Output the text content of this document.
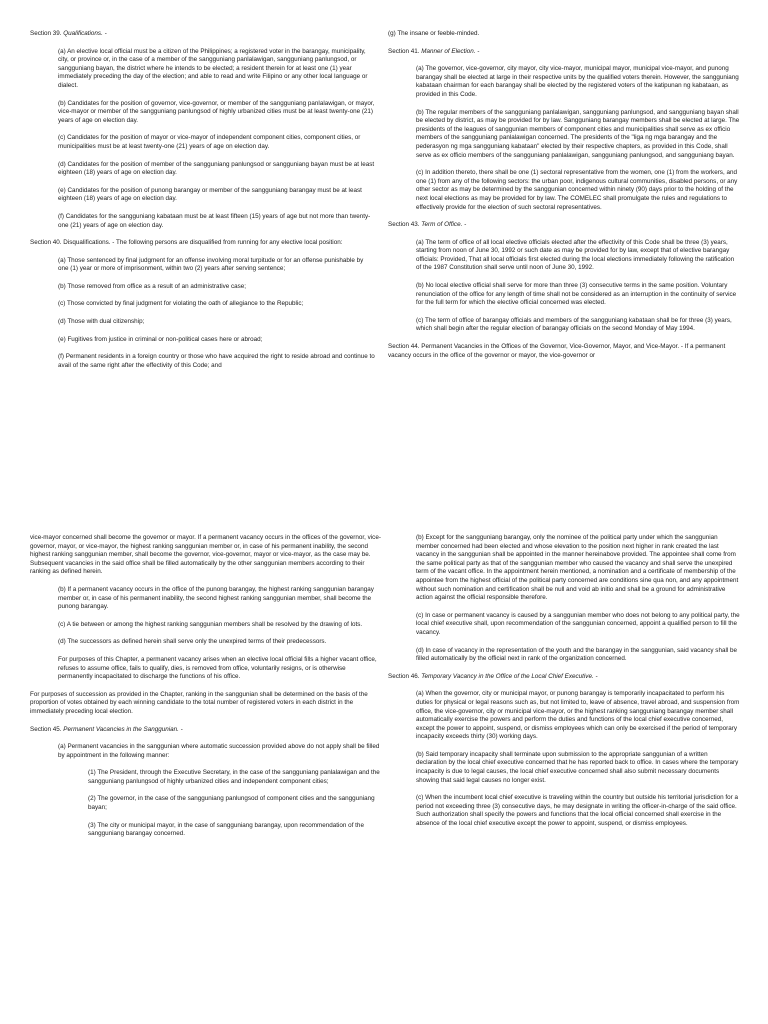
Section 39. Qualifications. -
(a) An elective local official must be a citizen of the Philippines; a registered voter in the barangay, municipality, city, or province or, in the case of a member of the sangguniang panlalawigan, sangguniang panlungsod, or sangguniang bayan, the district where he intends to be elected; a resident therein for at least one (1) year immediately preceding the day of the election; and able to read and write Filipino or any other local language or dialect.
(b) Candidates for the position of governor, vice-governor, or member of the sangguniang panlalawigan, or mayor, vice-mayor or member of the sangguniang panlungsod of highly urbanized cities must be at least twenty-one (21) years of age on election day.
(c) Candidates for the position of mayor or vice-mayor of independent component cities, component cities, or municipalities must be at least twenty-one (21) years of age on election day.
(d) Candidates for the position of member of the sangguniang panlungsod or sangguniang bayan must be at least eighteen (18) years of age on election day.
(e) Candidates for the position of punong barangay or member of the sangguniang barangay must be at least eighteen (18) years of age on election day.
(f) Candidates for the sangguniang kabataan must be at least fifteen (15) years of age but not more than twenty-one (21) years of age on election day.
Section 40. Disqualifications. - The following persons are disqualified from running for any elective local position:
(a) Those sentenced by final judgment for an offense involving moral turpitude or for an offense punishable by one (1) year or more of imprisonment, within two (2) years after serving sentence;
(b) Those removed from office as a result of an administrative case;
(c) Those convicted by final judgment for violating the oath of allegiance to the Republic;
(d) Those with dual citizenship;
(e) Fugitives from justice in criminal or non-political cases here or abroad;
(f) Permanent residents in a foreign country or those who have acquired the right to reside abroad and continue to avail of the same right after the effectivity of this Code; and
(g) The insane or feeble-minded.
Section 41. Manner of Election. -
(a) The governor, vice-governor, city mayor, city vice-mayor, municipal mayor, municipal vice-mayor, and punong barangay shall be elected at large in their respective units by the qualified voters therein. However, the sangguniang kabataan chairman for each barangay shall be elected by the registered voters of the katipunan ng kabataan, as provided in this Code.
(b) The regular members of the sangguniang panlalawigan, sangguniang panlungsod, and sangguniang bayan shall be elected by district, as may be provided for by law. Sangguniang barangay members shall be elected at large. The presidents of the leagues of sanggunian members of component cities and municipalities shall serve as ex officio members of the sangguniang panlalawigan concerned. The presidents of the "liga ng mga barangay and the pederasyon ng mga sangguniang kabataan" elected by their respective chapters, as provided in this Code, shall serve as ex officio members of the sangguniang panlalawigan, sangguniang panlungsod, and sangguniang bayan.
(c) In addition thereto, there shall be one (1) sectoral representative from the women, one (1) from the workers, and one (1) from any of the following sectors: the urban poor, indigenous cultural communities, disabled persons, or any other sector as may be determined by the sanggunian concerned within ninety (90) days prior to the holding of the next local elections as may be provided for by law. The COMELEC shall promulgate the rules and regulations to effectively provide for the election of such sectoral representatives.
Section 43. Term of Office. -
(a) The term of office of all local elective officials elected after the effectivity of this Code shall be three (3) years, starting from noon of June 30, 1992 or such date as may be provided for by law, except that of elective barangay officials: Provided, That all local officials first elected during the local elections immediately following the ratification of the 1987 Constitution shall serve until noon of June 30, 1992.
(b) No local elective official shall serve for more than three (3) consecutive terms in the same position. Voluntary renunciation of the office for any length of time shall not be considered as an interruption in the continuity of service for the full term for which the elective official concerned was elected.
(c) The term of office of barangay officials and members of the sangguniang kabataan shall be for three (3) years, which shall begin after the regular election of barangay officials on the second Monday of May 1994.
Section 44. Permanent Vacancies in the Offices of the Governor, Vice-Governor, Mayor, and Vice-Mayor. - If a permanent vacancy occurs in the office of the governor or mayor, the vice-governor or
vice-mayor concerned shall become the governor or mayor. If a permanent vacancy occurs in the offices of the governor, vice-governor, mayor, or vice-mayor, the highest ranking sanggunian member or, in case of his permanent inability, the second highest ranking sanggunian member, shall become the governor, vice-governor, mayor or vice-mayor, as the case may be. Subsequent vacancies in the said office shall be filled automatically by the other sanggunian members according to their ranking as defined herein.
(b) If a permanent vacancy occurs in the office of the punong barangay, the highest ranking sanggunian barangay member or, in case of his permanent inability, the second highest ranking sanggunian member, shall become the punong barangay.
(c) A tie between or among the highest ranking sanggunian members shall be resolved by the drawing of lots.
(d) The successors as defined herein shall serve only the unexpired terms of their predecessors.
For purposes of this Chapter, a permanent vacancy arises when an elective local official fills a higher vacant office, refuses to assume office, fails to qualify, dies, is removed from office, voluntarily resigns, or is otherwise permanently incapacitated to discharge the functions of his office.
For purposes of succession as provided in the Chapter, ranking in the sanggunian shall be determined on the basis of the proportion of votes obtained by each winning candidate to the total number of registered voters in each district in the immediately preceding local election.
Section 45. Permanent Vacancies in the Sanggunian. -
(a) Permanent vacancies in the sanggunian where automatic succession provided above do not apply shall be filled by appointment in the following manner:
(1) The President, through the Executive Secretary, in the case of the sangguniang panlalawigan and the sangguniang panlungsod of highly urbanized cities and independent component cities;
(2) The governor, in the case of the sangguniang panlungsod of component cities and the sangguniang bayan;
(3) The city or municipal mayor, in the case of sangguniang barangay, upon recommendation of the sangguniang barangay concerned.
(b) Except for the sangguniang barangay, only the nominee of the political party under which the sanggunian member concerned had been elected and whose elevation to the position next higher in rank created the last vacancy in the sanggunian shall be appointed in the manner hereinabove provided. The appointee shall come from the same political party as that of the sanggunian member who caused the vacancy and shall serve the unexpired term of the vacant office. In the appointment herein mentioned, a nomination and a certificate of membership of the appointee from the highest official of the political party concerned are conditions sine qua non, and any appointment without such nomination and certification shall be null and void ab initio and shall be a ground for administrative action against the official responsible therefore.
(c) In case or permanent vacancy is caused by a sanggunian member who does not belong to any political party, the local chief executive shall, upon recommendation of the sanggunian concerned, appoint a qualified person to fill the vacancy.
(d) In case of vacancy in the representation of the youth and the barangay in the sanggunian, said vacancy shall be filled automatically by the official next in rank of the organization concerned.
Section 46. Temporary Vacancy in the Office of the Local Chief Executive. -
(a) When the governor, city or municipal mayor, or punong barangay is temporarily incapacitated to perform his duties for physical or legal reasons such as, but not limited to, leave of absence, travel abroad, and suspension from office, the vice-governor, city or municipal vice-mayor, or the highest ranking sangguniang barangay member shall automatically exercise the powers and perform the duties and functions of the local chief executive concerned, except the power to appoint, suspend, or dismiss employees which can only be exercised if the period of temporary incapacity exceeds thirty (30) working days.
(b) Said temporary incapacity shall terminate upon submission to the appropriate sanggunian of a written declaration by the local chief executive concerned that he has reported back to office. In cases where the temporary incapacity is due to legal causes, the local chief executive concerned shall also submit necessary documents showing that said legal causes no longer exist.
(c) When the incumbent local chief executive is traveling within the country but outside his territorial jurisdiction for a period not exceeding three (3) consecutive days, he may designate in writing the officer-in-charge of the said office. Such authorization shall specify the powers and functions that the local official concerned shall exercise in the absence of the local chief executive except the power to appoint, suspend, or dismiss employees.
